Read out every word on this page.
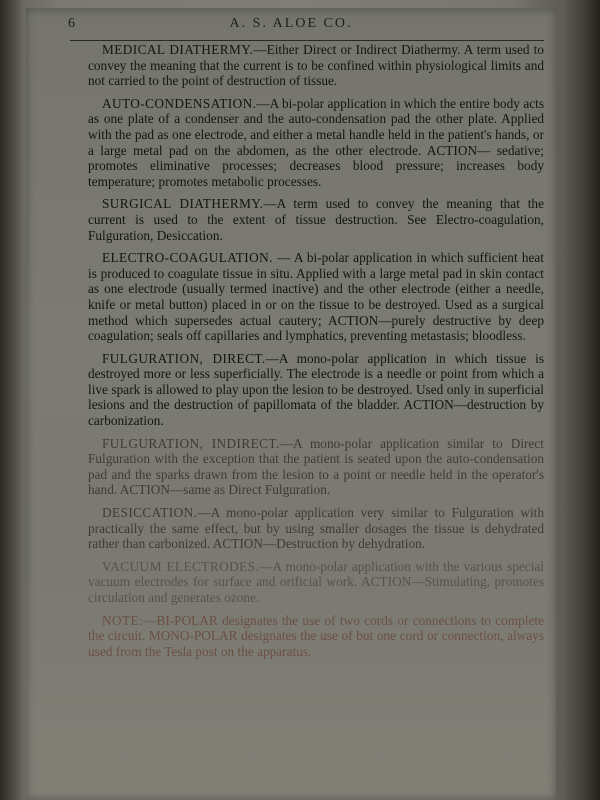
6	A. S. ALOE CO.

MEDICAL DIATHERMY.—Either Direct or Indirect Diathermy. A term used to convey the meaning that the current is to be confined within physiological limits and not carried to the point of destruction of tissue.

AUTO-CONDENSATION.—A bi-polar application in which the entire body acts as one plate of a condenser and the auto-condensation pad the other plate. Applied with the pad as one electrode, and either a metal handle held in the patient's hands, or a large metal pad on the abdomen, as the other electrode. ACTION— sedative; promotes eliminative processes; decreases blood pressure; increases body temperature; promotes metabolic processes.

SURGICAL DIATHERMY.—A term used to convey the meaning that the current is used to the extent of tissue destruction. See Electro-coagulation, Fulguration, Desiccation.

ELECTRO-COAGULATION. — A bi-polar application in which sufficient heat is produced to coagulate tissue in situ. Applied with a large metal pad in skin contact as one electrode (usually termed inactive) and the other electrode (either a needle, knife or metal button) placed in or on the tissue to be destroyed. Used as a surgical method which supersedes actual cautery; ACTION—purely destructive by deep coagulation; seals off capillaries and lymphatics, preventing metastasis; bloodless.

FULGURATION, DIRECT.—A mono-polar application in which tissue is destroyed more or less superficially. The electrode is a needle or point from which a live spark is allowed to play upon the lesion to be destroyed. Used only in superficial lesions and the destruction of papillomata of the bladder. ACTION—destruction by carbonization.

FULGURATION, INDIRECT.—A mono-polar application similar to Direct Fulguration with the exception that the patient is seated upon the auto-condensation pad and the sparks drawn from the lesion to a point or needle held in the operator's hand. ACTION—same as Direct Fulguration.

DESICCATION.—A mono-polar application very similar to Fulguration with practically the same effect, but by using smaller dosages the tissue is dehydrated rather than carbonized. ACTION—Destruction by dehydration.

VACUUM ELECTRODES.—A mono-polar application with the various special vacuum electrodes for surface and orificial work. ACTION—Stimulating, promotes circulation and generates ozone.

NOTE:—BI-POLAR designates the use of two cords or connections to complete the circuit. MONO-POLAR designates the use of but one cord or connection, always used from the Tesla post on the apparatus.
